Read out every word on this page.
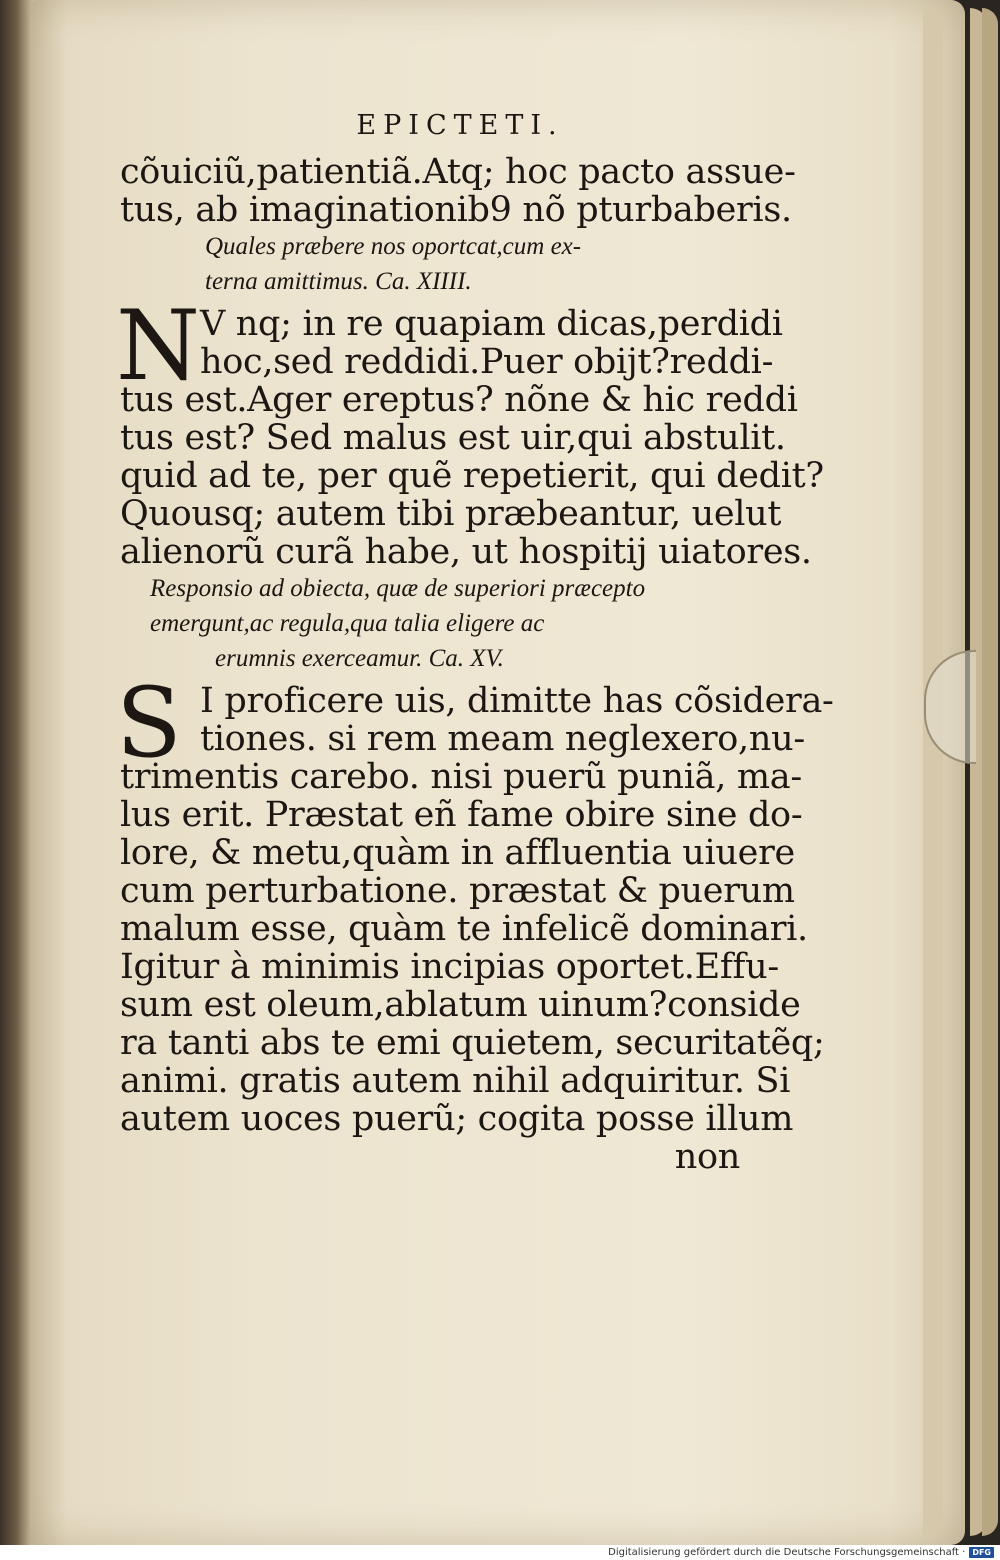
EPICTETI.
cõuiciũ,patientiã.Atq; hoc pacto assue-
tus, ab imaginationib9 nõ pturbaberis.
Quales præbere nos oportcat,cum ex-
terna amittimus. Ca. XIIII.
N V nq; in re quapiam dicas,perdidi
hoc,sed reddidi.Puer obijt?reddi-
tus est.Ager ereptus? nõne & hic reddi
tus est? Sed malus est uir,qui abstulit.
quid ad te, per quẽ repetierit, qui dedit?
Quousq; autem tibi præbeantur, uelut
alienorũ curã habe, ut hospitij uiatores.
Responsio ad obiecta, quæ de superiori præcepto
emergunt,ac regula,qua talia eligere ac
erumnis exerceamur. Ca. XV.
S I proficere uis, dimitte has cõsidera-
tiones. si rem meam neglexero,nu-
trimentis carebo. nisi puerũ puniã, ma-
lus erit. Præstat eñ fame obire sine do-
lore, & metu,quàm in affluentia uiuere
cum perturbatione. præstat & puerum
malum esse, quàm te infelicẽ dominari.
Igitur à minimis incipias oportet.Effu-
sum est oleum,ablatum uinum?conside
ra tanti abs te emi quietem, securitatẽq;
animi. gratis autem nihil adquiritur. Si
autem uoces puerũ; cogita posse illum
non
Digitalisierung gefördert durch die Deutsche Forschungsgemeinschaft · DFG
